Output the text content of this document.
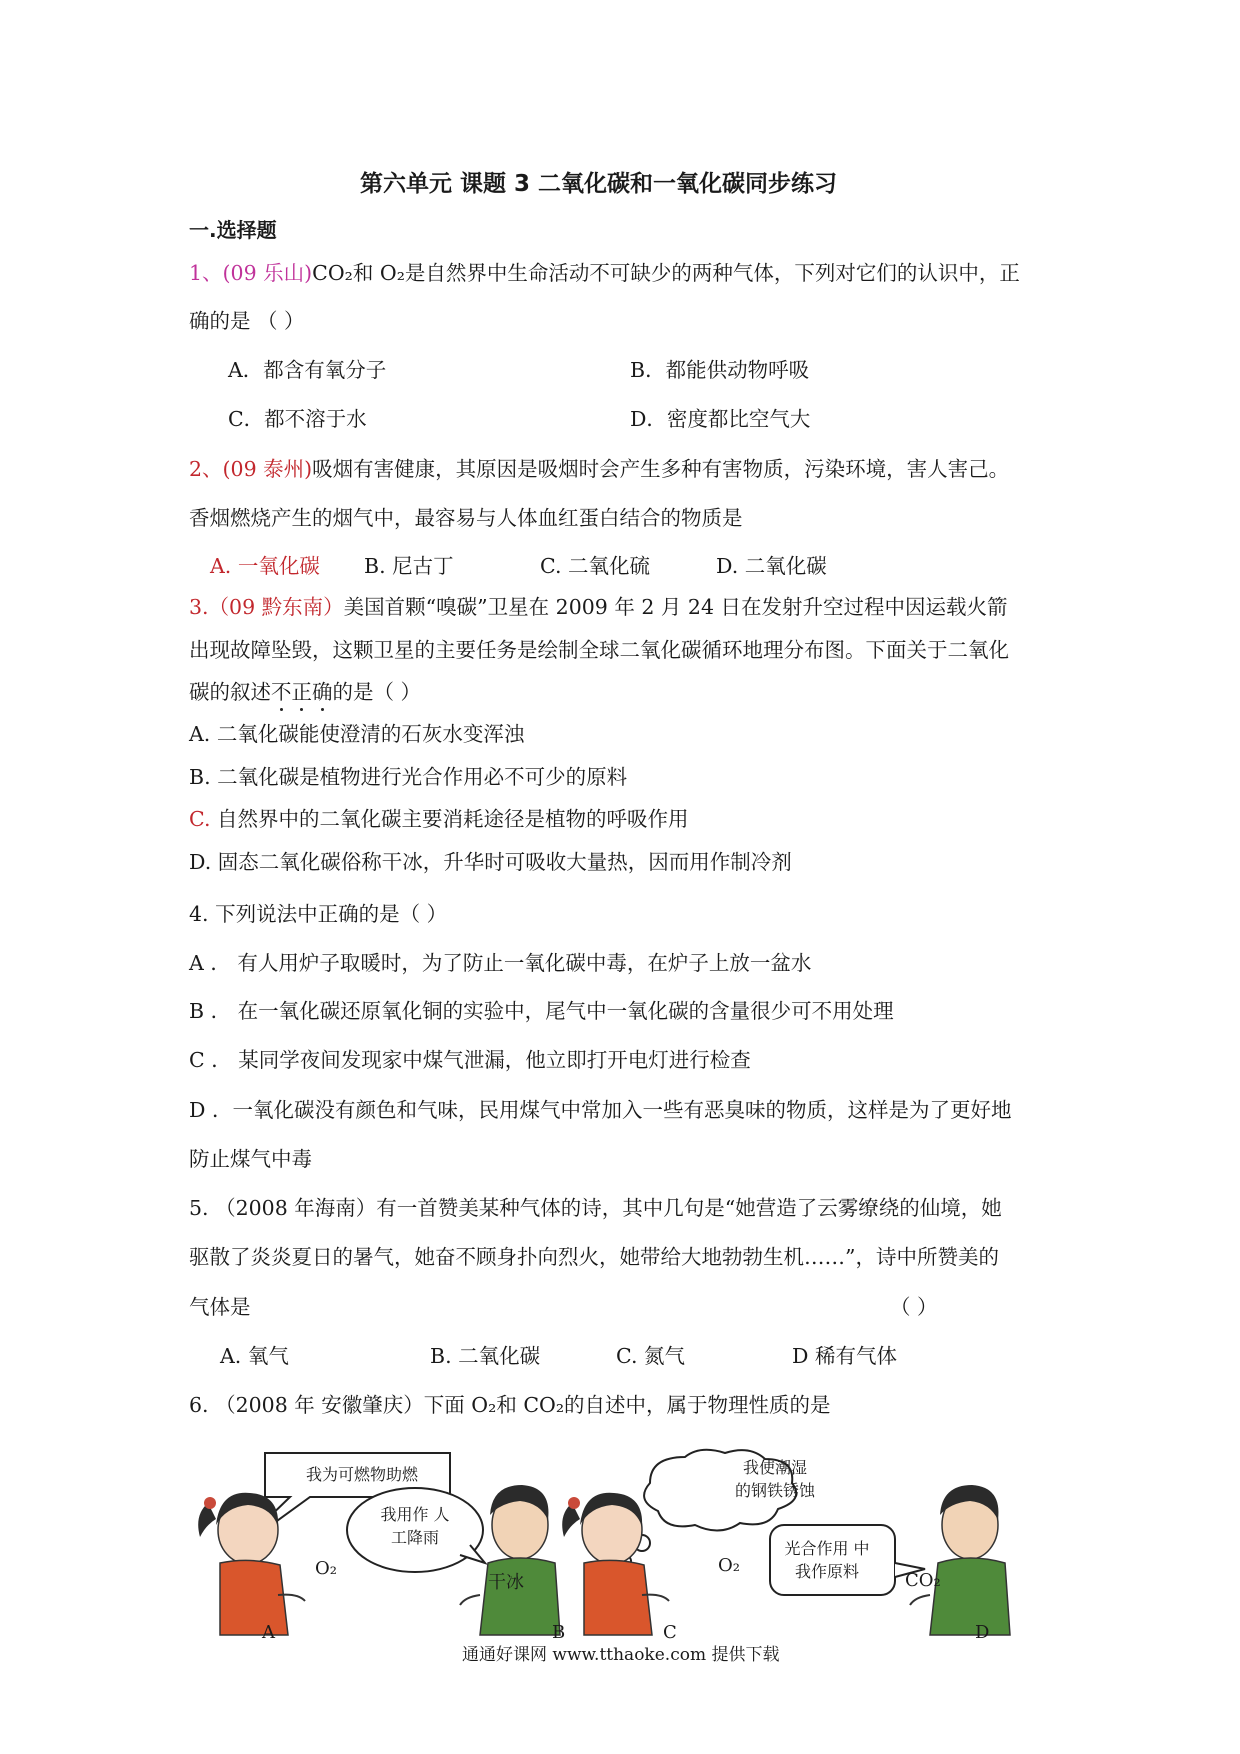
第六单元 课题 3 二氧化碳和一氧化碳同步练习
一.选择题
1、(09 乐山)CO₂和 O₂是自然界中生命活动不可缺少的两种气体，下列对它们的认识中，正
确的是 （ ）
A．都含有氧分子	B．都能供动物呼吸
C．都不溶于水	D．密度都比空气大
2、(09 泰州)吸烟有害健康，其原因是吸烟时会产生多种有害物质，污染环境，害人害己。
香烟燃烧产生的烟气中，最容易与人体血红蛋白结合的物质是
A. 一氧化碳 B. 尼古丁	C. 二氧化硫	D. 二氧化碳
3.（09 黔东南）美国首颗“嗅碳”卫星在 2009 年 2 月 24 日在发射升空过程中因运载火箭
出现故障坠毁，这颗卫星的主要任务是绘制全球二氧化碳循环地理分布图。下面关于二氧化
碳的叙述不正确的是（ ）
A. 二氧化碳能使澄清的石灰水变浑浊
B. 二氧化碳是植物进行光合作用必不可少的原料
C. 自然界中的二氧化碳主要消耗途径是植物的呼吸作用
D. 固态二氧化碳俗称干冰，升华时可吸收大量热，因而用作制冷剂
4. 下列说法中正确的是（ ）
A ． 有人用炉子取暖时，为了防止一氧化碳中毒，在炉子上放一盆水
B ． 在一氧化碳还原氧化铜的实验中，尾气中一氧化碳的含量很少可不用处理
C ． 某同学夜间发现家中煤气泄漏，他立即打开电灯进行检查
D ．一氧化碳没有颜色和气味，民用煤气中常加入一些有恶臭味的物质，这样是为了更好地
防止煤气中毒
5. （2008 年海南）有一首赞美某种气体的诗，其中几句是“她营造了云雾缭绕的仙境，她
驱散了炎炎夏日的暑气，她奋不顾身扑向烈火，她带给大地勃勃生机……”，诗中所赞美的
气体是	（ ）
A. 氧气	B. 二氧化碳	C. 氮气	D 稀有气体
6. （2008 年 安徽肇庆）下面 O₂和 CO₂的自述中，属于物理性质的是
我为可燃物助燃
我用作 人工降雨
我使潮湿 的钢铁锈蚀
光合作用 中我作原料
O₂
干冰
O₂
CO₂
A	B	C	D
通通好课网 www.tthaoke.com 提供下载
